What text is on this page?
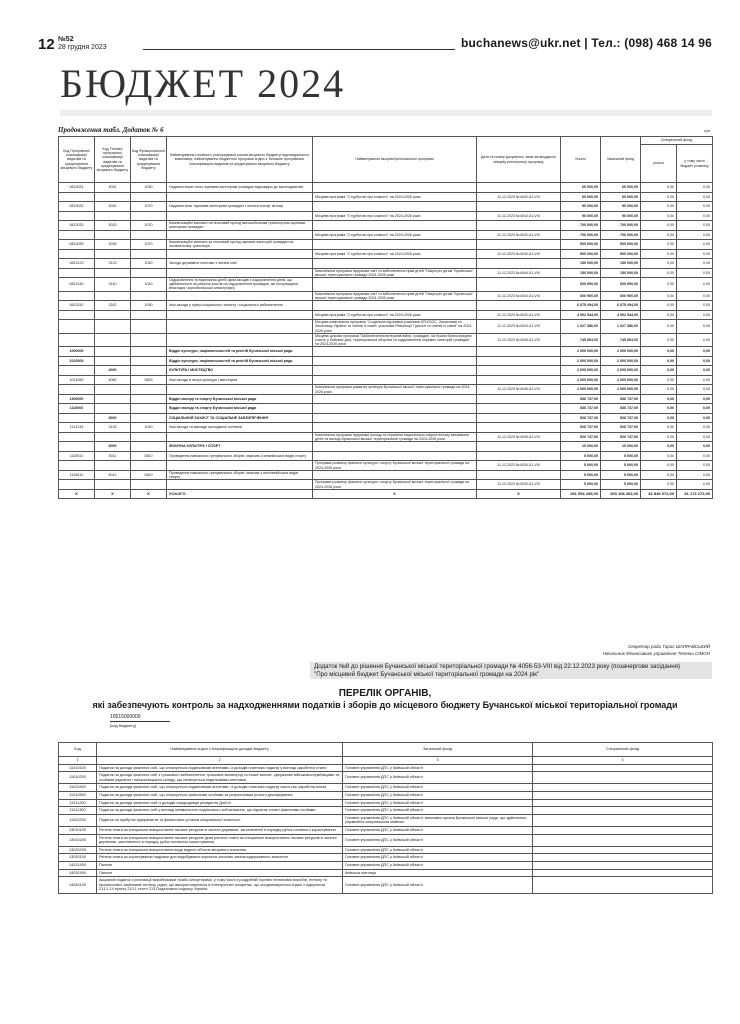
12 №52
28 грудня 2023	buchanews@ukr.net | Тел.: (098) 468 14 96
БЮДЖЕТ 2024
Продовження табл. Додаток № 6	грн
Код Програмної класифікації видатків та кредитування місцевого бюджету	Код Типової програмної класифікації видатків та кредитування місцевого бюджету	Код Функціональної класифікації видатків та кредитування бюджету	Найменування головного розпорядника коштів місцевого бюджету/ відповідального виконавця, найменування бюджетної програми згідно з Типовою програмною класифікацією видатків та кредитування місцевого бюджету	Найменування місцевої/регіональної програми	Дата та номер документа, яким затверджено місцеву регіональну програму	Усього	Загальний фонд	Спеціальний фонд	
								усього	у тому числі бюджет розвитку
0813031	3031	1030	Надання інших пільг окремим категоріям громадян відповідно до законодавства			60 000,00	60 000,00	0,00	0,00
				Місцева програма "З турботою про кожного" на 2024-2026 роки	11.12.2023 №4042-51-VIII	60 000,00	60 000,00	0,00	0,00
0813032	3032	1070	Надання пільг окремим категоріям громадян з оплати послуг зв'язку			90 000,00	90 000,00	0,00	0,00
				Місцева програма "З турботою про кожного" на 2024-2026 роки	11.12.2023 №4042-51-VIII	90 000,00	90 000,00	0,00	0,00
0813033	3033	1070	Компенсаційні виплати на пільговий проїзд автомобільним транспортом окремим категоріям громадян			700 000,00	700 000,00	0,00	0,00
				Місцева програма "З турботою про кожного" на 2024-2026 роки	11.12.2023 №4042-51-VIII	700 000,00	700 000,00	0,00	0,00
0813035	3035	1070	Компенсаційні виплати за пільговий проїзд окремих категорій громадян на залізничному транспорті			500 000,00	500 000,00	0,00	0,00
				Місцева програма "З турботою про кожного" на 2024-2026 роки	11.12.2023 №4042-51-VIII	500 000,00	500 000,00	0,00	0,00
0813123	3123	1040	Заходи державної політики з питань сім'ї			150 000,00	150 000,00	0,00	0,00
				Комплексна програма підтримки сім'ї та забезпечення прав дітей "Назустріч дітям" Бучанської міської територіальної громади 2024-2026 роки	11.12.2023 №4044-51-VIII	150 000,00	150 000,00	0,00	0,00
0813140	3140	1040	Оздоровлення та відпочинок дітей (крім заходів з оздоровлення дітей, що здійснюються за рахунок коштів на оздоровлення громадян, які постраждали внаслідок Чорнобильської катастрофи)			600 900,00	600 900,00	0,00	0,00
				Комплексна програма підтримки сім'ї та забезпечення прав дітей "Назустріч дітям" Бучанської міської територіальної громади 2024-2026 роки	11.12.2023 №4044-51-VIII	600 900,00	600 900,00	0,00	0,00
0813242	3242	1090	Інші заходи у сфері соціального захисту і соціального забезпечення			6 675 494,00	6 675 494,00	0,00	0,00
				Місцева програма "З турботою про кожного" на 2024-2026 роки	11.12.2023 №4042-51-VIII	4 902 544,00	4 902 544,00	0,00	0,00
				Місцева комплексна програма "Соціальна підтримка учасників АТО/ООС, Захисників та Захисниць України та членів їх сімей, учасників Революції Гідності та членів їх сімей" на 2024-2026 роки	11.12.2023 №4043-51-VIII	1 027 386,00	1 027 386,00	0,00	0,00
				Місцева цільова програма "Забезпечення ветеранів війни, громадян, які брали безпосередню участь у бойових діях, територіальна оборона та оздоровлення окремих категорій громадян" на 2024-2026 роки	11.12.2023 №4045-51-VIII	745 564,00	745 564,00	0,00	0,00
1000000			Відділ культури, національностей та релігій Бучанської міської ради			2 000 000,00	2 000 000,00	0,00	0,00
1010000			Відділ культури, національностей та релігій Бучанської міської ради			2 000 000,00	2 000 000,00	0,00	0,00
	4000		КУЛЬТУРА І МИСТЕЦТВО			2 000 000,00	2 000 000,00	0,00	0,00
1014082	4082	0829	Інші заходи в галузі культури і мистецтва			2 000 000,00	2 000 000,00	0,00	0,00
				Комплексна програма розвитку культури Бучанської міської територіальної громади на 2024-2026 роки	11.12.2023 №4046-51-VIII	2 000 000,00	2 000 000,00	0,00	0,00
1100000			Відділ молоді та спорту Бучанської міської ради			536 737,00	536 737,00	0,00	0,00
1110000			Відділ молоді та спорту Бучанської міської ради			536 737,00	536 737,00	0,00	0,00
	3000		СОЦІАЛЬНИЙ ЗАХИСТ ТА СОЦІАЛЬНЕ ЗАБЕЗПЕЧЕННЯ			526 737,00	526 737,00	0,00	0,00
1113133	3133	1040	Інші заходи та заклади молодіжної політики			526 737,00	526 737,00	0,00	0,00
				Комплексна програма підтримки молоді та сприяння національно-патріотичному вихованню дітей та молоді Бучанської міської територіальної громади на 2024-2026 роки	11.12.2023 №4039-51-VIII	526 737,00	526 737,00	0,00	0,00
	5000		ФІЗИЧНА КУЛЬТУРА І СПОРТ			10 000,00	10 000,00	0,00	0,00
1115011	5011	0810	Проведення навчально-тренувальних зборів і змагань з олімпійських видів спорту			5 000,00	5 000,00	0,00	0,00
				Програма розвитку фізичної культури і спорту Бучанської міської територіальної громади на 2024-2026 роки	11.12.2023 №4030-51-VIII	5 000,00	5 000,00	0,00	0,00
1115012	5012	0810	Проведення навчально-тренувальних зборів і змагань з неолімпійських видів спорту			5 000,00	5 000,00	0,00	0,00
				Програма розвитку фізичної культури і спорту Бучанської міської територіальної громади на 2024-2026 роки	11.12.2023 №4030-51-VIII	5 000,00	5 000,00	0,00	0,00
X	X	X	УСЬОГО	X	X	281 954 435,00	200 108 363,00	81 846 072,00	81 173 272,00
Секретар ради Тарас ШАПРАВСЬКИЙ
Начальник Фінансового управління Тетяна СІМОН
Додаток №8 до рішення Бучанської міської територіальної громади № 4056-53-VIII від 22.12.2023 року (позачергове засідання)
"Про місцевий бюджет Бучанської міської територіальної громади на 2024 рік"
ПЕРЕЛІК ОРГАНІВ,
які забезпечують контроль за надходженнями податків і зборів до місцевого бюджету Бучанської міської територіальної громади
10515000000
(код бюджету)
Код	Найменування згідно з Класифікацією доходів бюджету	Загальний фонд	Спеціальний фонд
1	2	3	4
11010100	Податок на доходи фізичних осіб, що сплачується податковими агентами, із доходів платника податку у вигляді заробітної плати	Головне управління ДПС у Київській області	
11010200	Податок на доходи фізичних осіб з грошового забезпечення, грошових винагород та інших виплат, одержаних військовослужбовцями та особами рядового і начальницького складу, що сплачується податковими агентами	Головне управління ДПС у Київській області	
11010400	Податок на доходи фізичних осіб, що сплачується податковими агентами, із доходів платника податку інших ніж заробітна плата	Головне управління ДПС у Київській області	
11010500	Податок на доходи фізичних осіб, що сплачується фізичними особами за результатами річного декларування	Головне управління ДПС у Київській області	
11011200	Податок на доходи фізичних осіб із доходів спадкодавця резидента ДіяСіті	Головне управління ДПС у Київській області	
11011300	Податок на доходи фізичних осіб у вигляді мінімального податкового зобов'язання, що підлягає сплаті фізичними особами	Головне управління ДПС у Київській області	
11020200	Податок на прибуток підприємств та фінансових установ комунальної власності	Головне управління ДПС у Київській області, виконавчі органи Бучанської міської ради, що здійснюють управління комунальним майном	
13010100	Рентна плата за спеціальне використання лісових ресурсів в частині деревини, заготовленої в порядку рубок головного користування	Головне управління ДПС у Київській області	
13010200	Рентна плата за спеціальне використання лісових ресурсів (крім рентної плати за спеціальне використання лісових ресурсів в частині деревини, заготовленої в порядку рубок головного користування)	Головне управління ДПС у Київській області	
13020200	Рентна плата за спеціальне використання води водних об'єктів місцевого значення	Головне управління ДПС у Київській області	
13030100	Рентна плата за користування надрами для видобування корисних копалин загальнодержавного значення	Головне управління ДПС у Київській області	
14021900	Пальне	Головне управління ДПС у Київській області	
14031900	Пальне	Київська митниця	
14040100	Акцизний податок з реалізації виробниками та/або імпортерами, у тому числі в роздрібній торгівлі тютюнових виробів, тютюну та промислових замінників тютюну, рідин, що використовуються в електронних сигаретах, що оподатковуються згідно з підпунктом 213.1.14 пункту 213.1 статті 213 Податкового кодексу України	Головне управління ДПС у Київській області	
